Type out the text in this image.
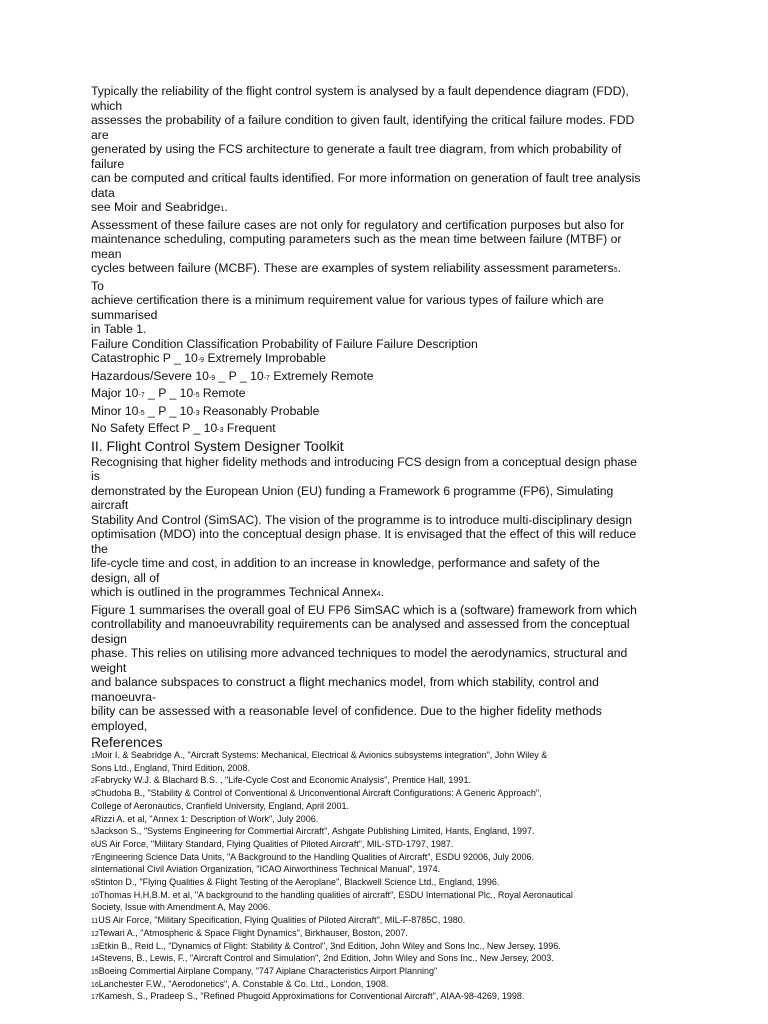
Typically the reliability of the flight control system is analysed by a fault dependence diagram (FDD),
which
assesses the probability of a failure condition to given fault, identifying the critical failure modes. FDD
are
generated by using the FCS architecture to generate a fault tree diagram, from which probability of
failure
can be computed and critical faults identified. For more information on generation of fault tree analysis
data
see Moir and Seabridge1.
Assessment of these failure cases are not only for regulatory and certification purposes but also for
maintenance scheduling, computing parameters such as the mean time between failure (MTBF) or
mean
cycles between failure (MCBF). These are examples of system reliability assessment parameters5.
To
achieve certification there is a minimum requirement value for various types of failure which are
summarised
in Table 1.
Failure Condition Classification Probability of Failure Failure Description
Catastrophic P _ 10-9 Extremely Improbable
Hazardous/Severe 10-9 _ P _ 10-7 Extremely Remote
Major 10-7 _ P _ 10-5 Remote
Minor 10-5 _ P _ 10-3 Reasonably Probable
No Safety Effect P _ 10-3 Frequent
II. Flight Control System Designer Toolkit
Recognising that higher fidelity methods and introducing FCS design from a conceptual design phase
is
demonstrated by the European Union (EU) funding a Framework 6 programme (FP6), Simulating
aircraft
Stability And Control (SimSAC). The vision of the programme is to introduce multi-disciplinary design
optimisation (MDO) into the conceptual design phase. It is envisaged that the effect of this will reduce
the
life-cycle time and cost, in addition to an increase in knowledge, performance and safety of the
design, all of
which is outlined in the programmes Technical Annex4.
Figure 1 summarises the overall goal of EU FP6 SimSAC which is a (software) framework from which
controllability and manoeuvrability requirements can be analysed and assessed from the conceptual
design
phase. This relies on utilising more advanced techniques to model the aerodynamics, structural and
weight
and balance subspaces to construct a flight mechanics model, from which stability, control and
manoeuvra-
bility can be assessed with a reasonable level of confidence. Due to the higher fidelity methods
employed,
References
1Moir I. & Seabridge A., "Aircraft Systems: Mechanical, Electrical & Avionics subsystems integration", John Wiley &
Sons Ltd., England, Third Edition, 2008.
2Fabrycky W.J. & Blachard B.S. , "Life-Cycle Cost and Economic Analysis", Prentice Hall, 1991.
3Chudoba B., "Stability & Control of Conventional & Unconventional Aircraft Configurations: A Generic Approach",
College of Aeronautics, Cranfield University, England, April 2001.
4Rizzi A. et al, "Annex 1: Description of Work", July 2006.
5Jackson S., "Systems Engineering for Commertial Aircraft", Ashgate Publishing Limited, Hants, England, 1997.
6US Air Force, "Military Standard, Flying Qualities of Piloted Aircraft", MIL-STD-1797, 1987.
7Engineering Science Data Units, "A Background to the Handling Qualities of Aircraft", ESDU 92006, July 2006.
8International Civil Aviation Organization, "ICAO Airworthiness Technical Manual", 1974.
9Stinton D., "Flying Qualities & Flight Testing of the Aeroplane", Blackwell Science Ltd., England, 1996.
10Thomas H.H.B.M. et al, "A background to the handling qualities of aircraft", ESDU International Plc., Royal Aeronautical
Society, Issue with Amendment A, May 2006.
11US Air Force, "Military Specification, Flying Qualities of Piloted Aircraft", MIL-F-8785C, 1980.
12Tewari A., "Atmospheric & Space Flight Dynamics", Birkhauser, Boston, 2007.
13Etkin B., Reid L., "Dynamics of Flight: Stability & Control", 3nd Edition, John Wiley and Sons Inc., New Jersey, 1996.
14Stevens, B., Lewis, F., "Aircraft Control and Simulation", 2nd Edition, John Wiley and Sons Inc., New Jersey, 2003.
15Boeing Commertial Airplane Company, "747 Aiplane Characteristics Airport Planning"
16Lanchester F.W., "Aerodonetics", A. Constable & Co. Ltd., London, 1908.
17Kamesh, S., Pradeep S., "Refined Phugoid Approximations for Conventional Aircraft", AIAA-98-4269, 1998.
